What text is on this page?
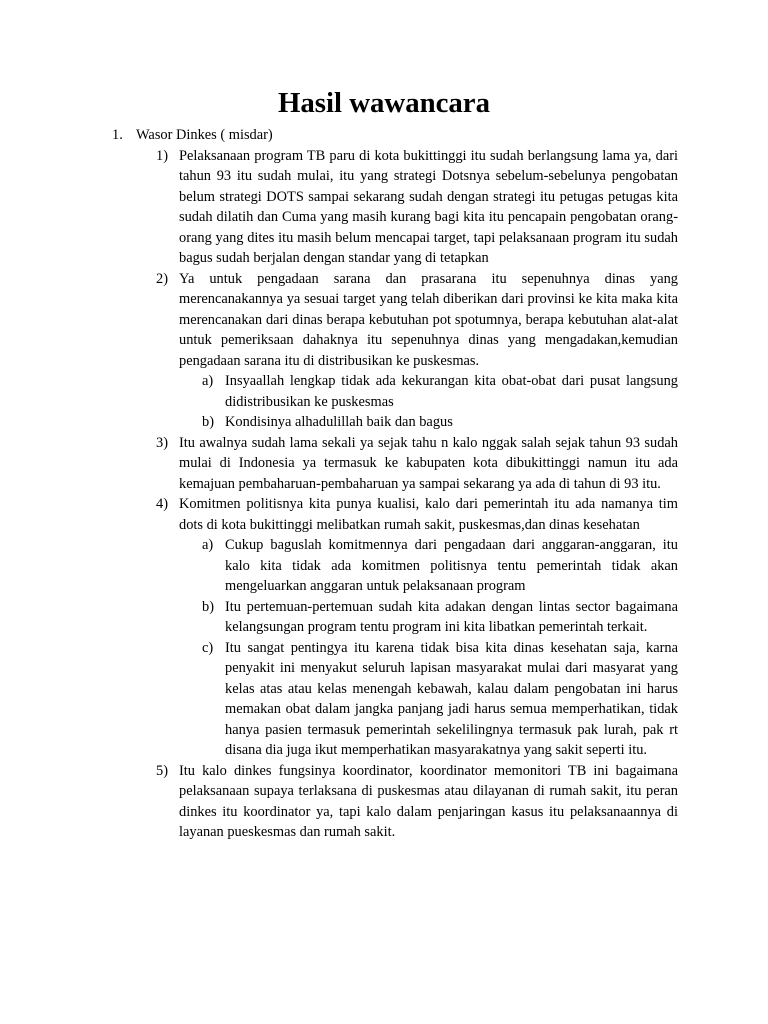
Hasil wawancara
1. Wasor Dinkes ( misdar)
1) Pelaksanaan program TB paru di kota bukittinggi itu sudah berlangsung lama ya, dari tahun 93 itu sudah mulai, itu yang strategi Dotsnya sebelum-sebelunya pengobatan belum strategi DOTS sampai sekarang sudah dengan strategi itu petugas petugas kita sudah dilatih dan Cuma yang masih kurang bagi kita itu pencapain pengobatan orang-orang yang dites itu masih belum mencapai target, tapi pelaksanaan program itu sudah bagus sudah berjalan dengan standar yang di tetapkan
2) Ya untuk pengadaan sarana dan prasarana itu sepenuhnya dinas yang merencanakannya ya sesuai target yang telah diberikan dari provinsi ke kita maka kita merencanakan dari dinas berapa kebutuhan pot spotumnya, berapa kebutuhan alat-alat untuk pemeriksaan dahaknya itu sepenuhnya dinas yang mengadakan,kemudian pengadaan sarana itu di distribusikan ke puskesmas.
a) Insyaallah lengkap tidak ada kekurangan kita obat-obat dari pusat langsung didistribusikan ke puskesmas
b) Kondisinya alhadulillah baik dan bagus
3) Itu awalnya sudah lama sekali ya sejak tahu n kalo nggak salah sejak tahun 93 sudah mulai di Indonesia ya termasuk ke kabupaten kota dibukittinggi namun itu ada kemajuan pembaharuan-pembaharuan ya sampai sekarang ya ada di tahun di 93 itu.
4) Komitmen politisnya kita punya kualisi, kalo dari pemerintah itu ada namanya tim dots di kota bukittinggi melibatkan rumah sakit, puskesmas,dan dinas kesehatan
a) Cukup baguslah komitmennya dari pengadaan dari anggaran-anggaran, itu kalo kita tidak ada komitmen politisnya tentu pemerintah tidak akan mengeluarkan anggaran untuk pelaksanaan program
b) Itu pertemuan-pertemuan sudah kita adakan dengan lintas sector bagaimana kelangsungan program tentu program ini kita libatkan pemerintah terkait.
c) Itu sangat pentingya itu karena tidak bisa kita dinas kesehatan saja, karna penyakit ini menyakut seluruh lapisan masyarakat mulai dari masyarat yang kelas atas atau kelas menengah kebawah, kalau dalam pengobatan ini harus memakan obat dalam jangka panjang jadi harus semua memperhatikan, tidak hanya pasien termasuk pemerintah sekelilingnya termasuk pak lurah, pak rt disana dia juga ikut memperhatikan masyarakatnya yang sakit seperti itu.
5) Itu kalo dinkes fungsinya koordinator, koordinator memonitori TB ini bagaimana pelaksanaan supaya terlaksana di puskesmas atau dilayanan di rumah sakit, itu peran dinkes itu koordinator ya, tapi kalo dalam penjaringan kasus itu pelaksanaannya di layanan pueskesmas dan rumah sakit.
